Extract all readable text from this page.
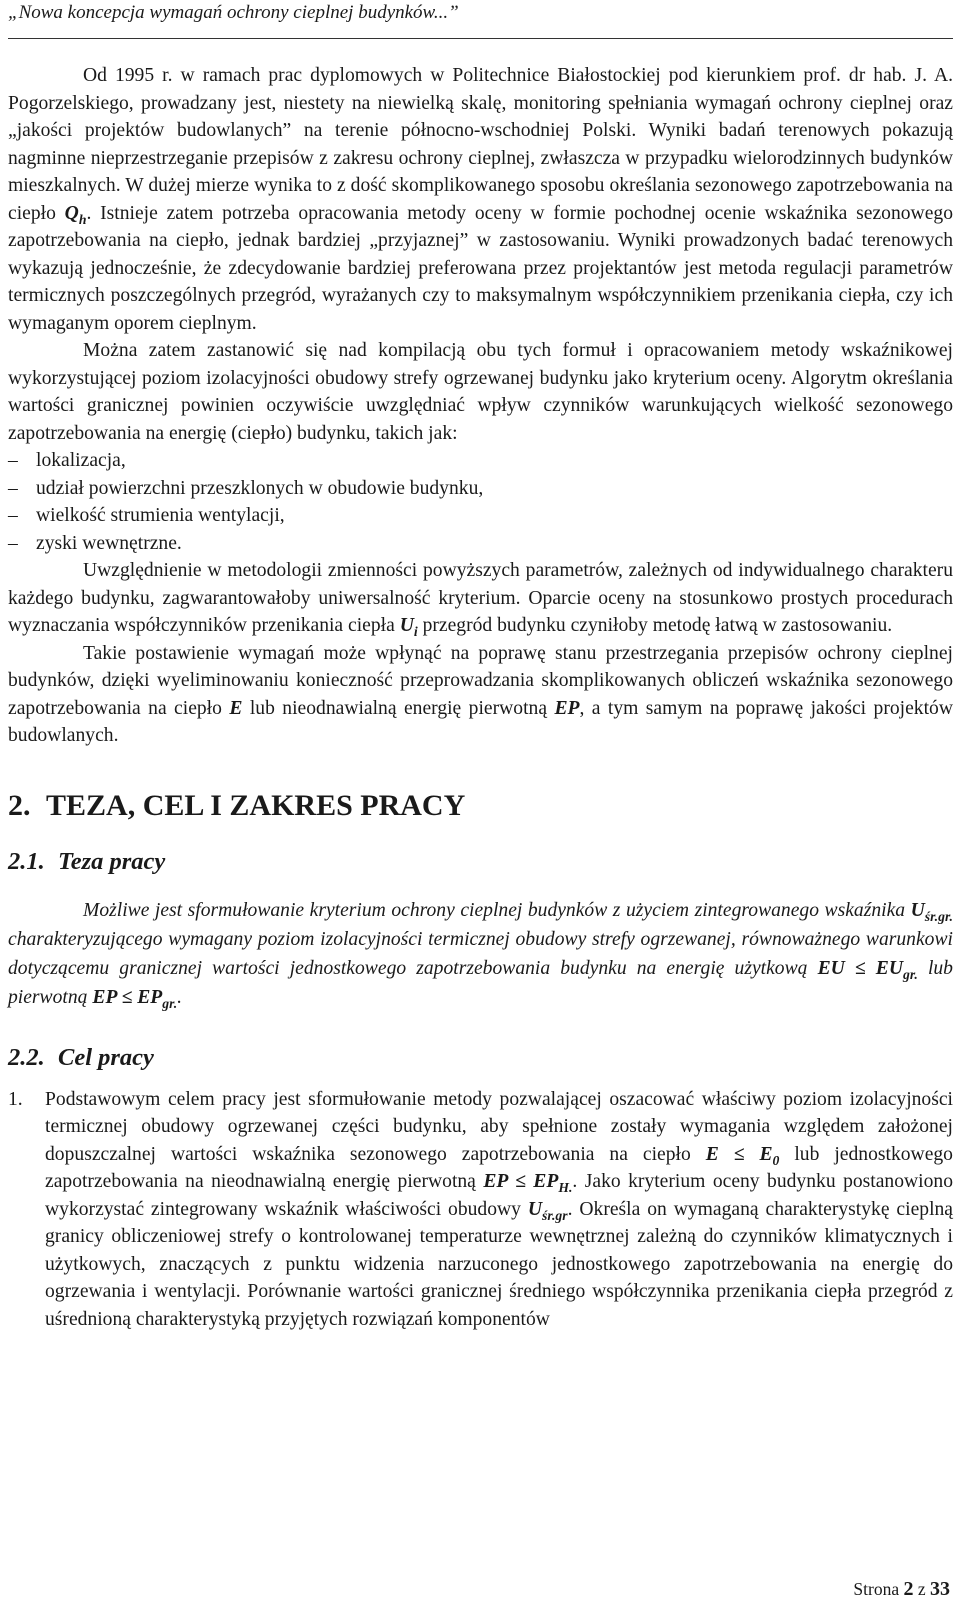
„Nowa koncepcja wymagań ochrony cieplnej budynków...”

Od 1995 r. w ramach prac dyplomowych w Politechnice Białostockiej pod kierunkiem prof. dr hab. J. A. Pogorzelskiego, prowadzany jest, niestety na niewielką skalę, monitoring spełniania wymagań ochrony cieplnej oraz „jakości projektów budowlanych” na terenie północno-wschodniej Polski. Wyniki badań terenowych pokazują nagminne nieprzestrzeganie przepisów z zakresu ochrony cieplnej, zwłaszcza w przypadku wielorodzinnych budynków mieszkalnych. W dużej mierze wynika to z dość skomplikowanego sposobu określania sezonowego zapotrzebowania na ciepło $Q_h$. Istnieje zatem potrzeba opracowania metody oceny w formie pochodnej ocenie wskaźnika sezonowego zapotrzebowania na ciepło, jednak bardziej „przyjaznej” w zastosowaniu. Wyniki prowadzonych badać terenowych wykazują jednocześnie, że zdecydowanie bardziej preferowana przez projektantów jest metoda regulacji parametrów termicznych poszczególnych przegród, wyrażanych czy to maksymalnym współczynnikiem przenikania ciepła, czy ich wymaganym oporem cieplnym.

Można zatem zastanowić się nad kompilacją obu tych formuł i opracowaniem metody wskaźnikowej wykorzystującej poziom izolacyjności obudowy strefy ogrzewanej budynku jako kryterium oceny. Algorytm określania wartości granicznej powinien oczywiście uwzględniać wpływ czynników warunkujących wielkość sezonowego zapotrzebowania na energię (ciepło) budynku, takich jak:

– lokalizacja,
– udział powierzchni przeszklonych w obudowie budynku,
– wielkość strumienia wentylacji,
– zyski wewnętrzne.

Uwzględnienie w metodologii zmienności powyższych parametrów, zależnych od indywidualnego charakteru każdego budynku, zagwarantowałoby uniwersalność kryterium. Oparcie oceny na stosunkowo prostych procedurach wyznaczania współczynników przenikania ciepła $U_i$ przegród budynku czyniłoby metodę łatwą w zastosowaniu.

Takie postawienie wymagań może wpłynąć na poprawę stanu przestrzegania przepisów ochrony cieplnej budynków, dzięki wyeliminowaniu konieczność przeprowadzania skomplikowanych obliczeń wskaźnika sezonowego zapotrzebowania na ciepło E lub nieodnawialną energię pierwotną EP, a tym samym na poprawę jakości projektów budowlanych.

2. TEZA, CEL I ZAKRES PRACY
2.1. Teza pracy

Możliwe jest sformułowanie kryterium ochrony cieplnej budynków z użyciem zintegrowanego wskaźnika $U_{śr.gr.}$ charakteryzującego wymagany poziom izolacyjności termicznej obudowy strefy ogrzewanej, równoważnego warunkowi dotyczącemu granicznej wartości jednostkowego zapotrzebowania budynku na energię użytkową EU ≤ $EU_{gr.}$ lub pierwotną EP ≤ $EP_{gr.}$.

2.2. Cel pracy
1. Podstawowym celem pracy jest sformułowanie metody pozwalającej oszacować właściwy poziom izolacyjności termicznej obudowy ogrzewanej części budynku, aby spełnione zostały wymagania względem założonej dopuszczalnej wartości wskaźnika sezonowego zapotrzebowania na ciepło $E \le E_0$ lub jednostkowego zapotrzebowania na nieodnawialną energię pierwotną EP ≤ $EP_{H.}$. Jako kryterium oceny budynku postanowiono wykorzystać zintegrowany wskaźnik właściwości obudowy $U_{śr.gr}$. Określa on wymaganą charakterystykę cieplną granicy obliczeniowej strefy o kontrolowanej temperaturze wewnętrznej zależną do czynników klimatycznych i użytkowych, znaczących z punktu widzenia narzuconego jednostkowego zapotrzebowania na energię do ogrzewania i wentylacji. Porównanie wartości granicznej średniego współczynnika przenikania ciepła przegród z uśrednioną charakterystyką przyjętych rozwiązań komponentów
Strona 2 z 33
